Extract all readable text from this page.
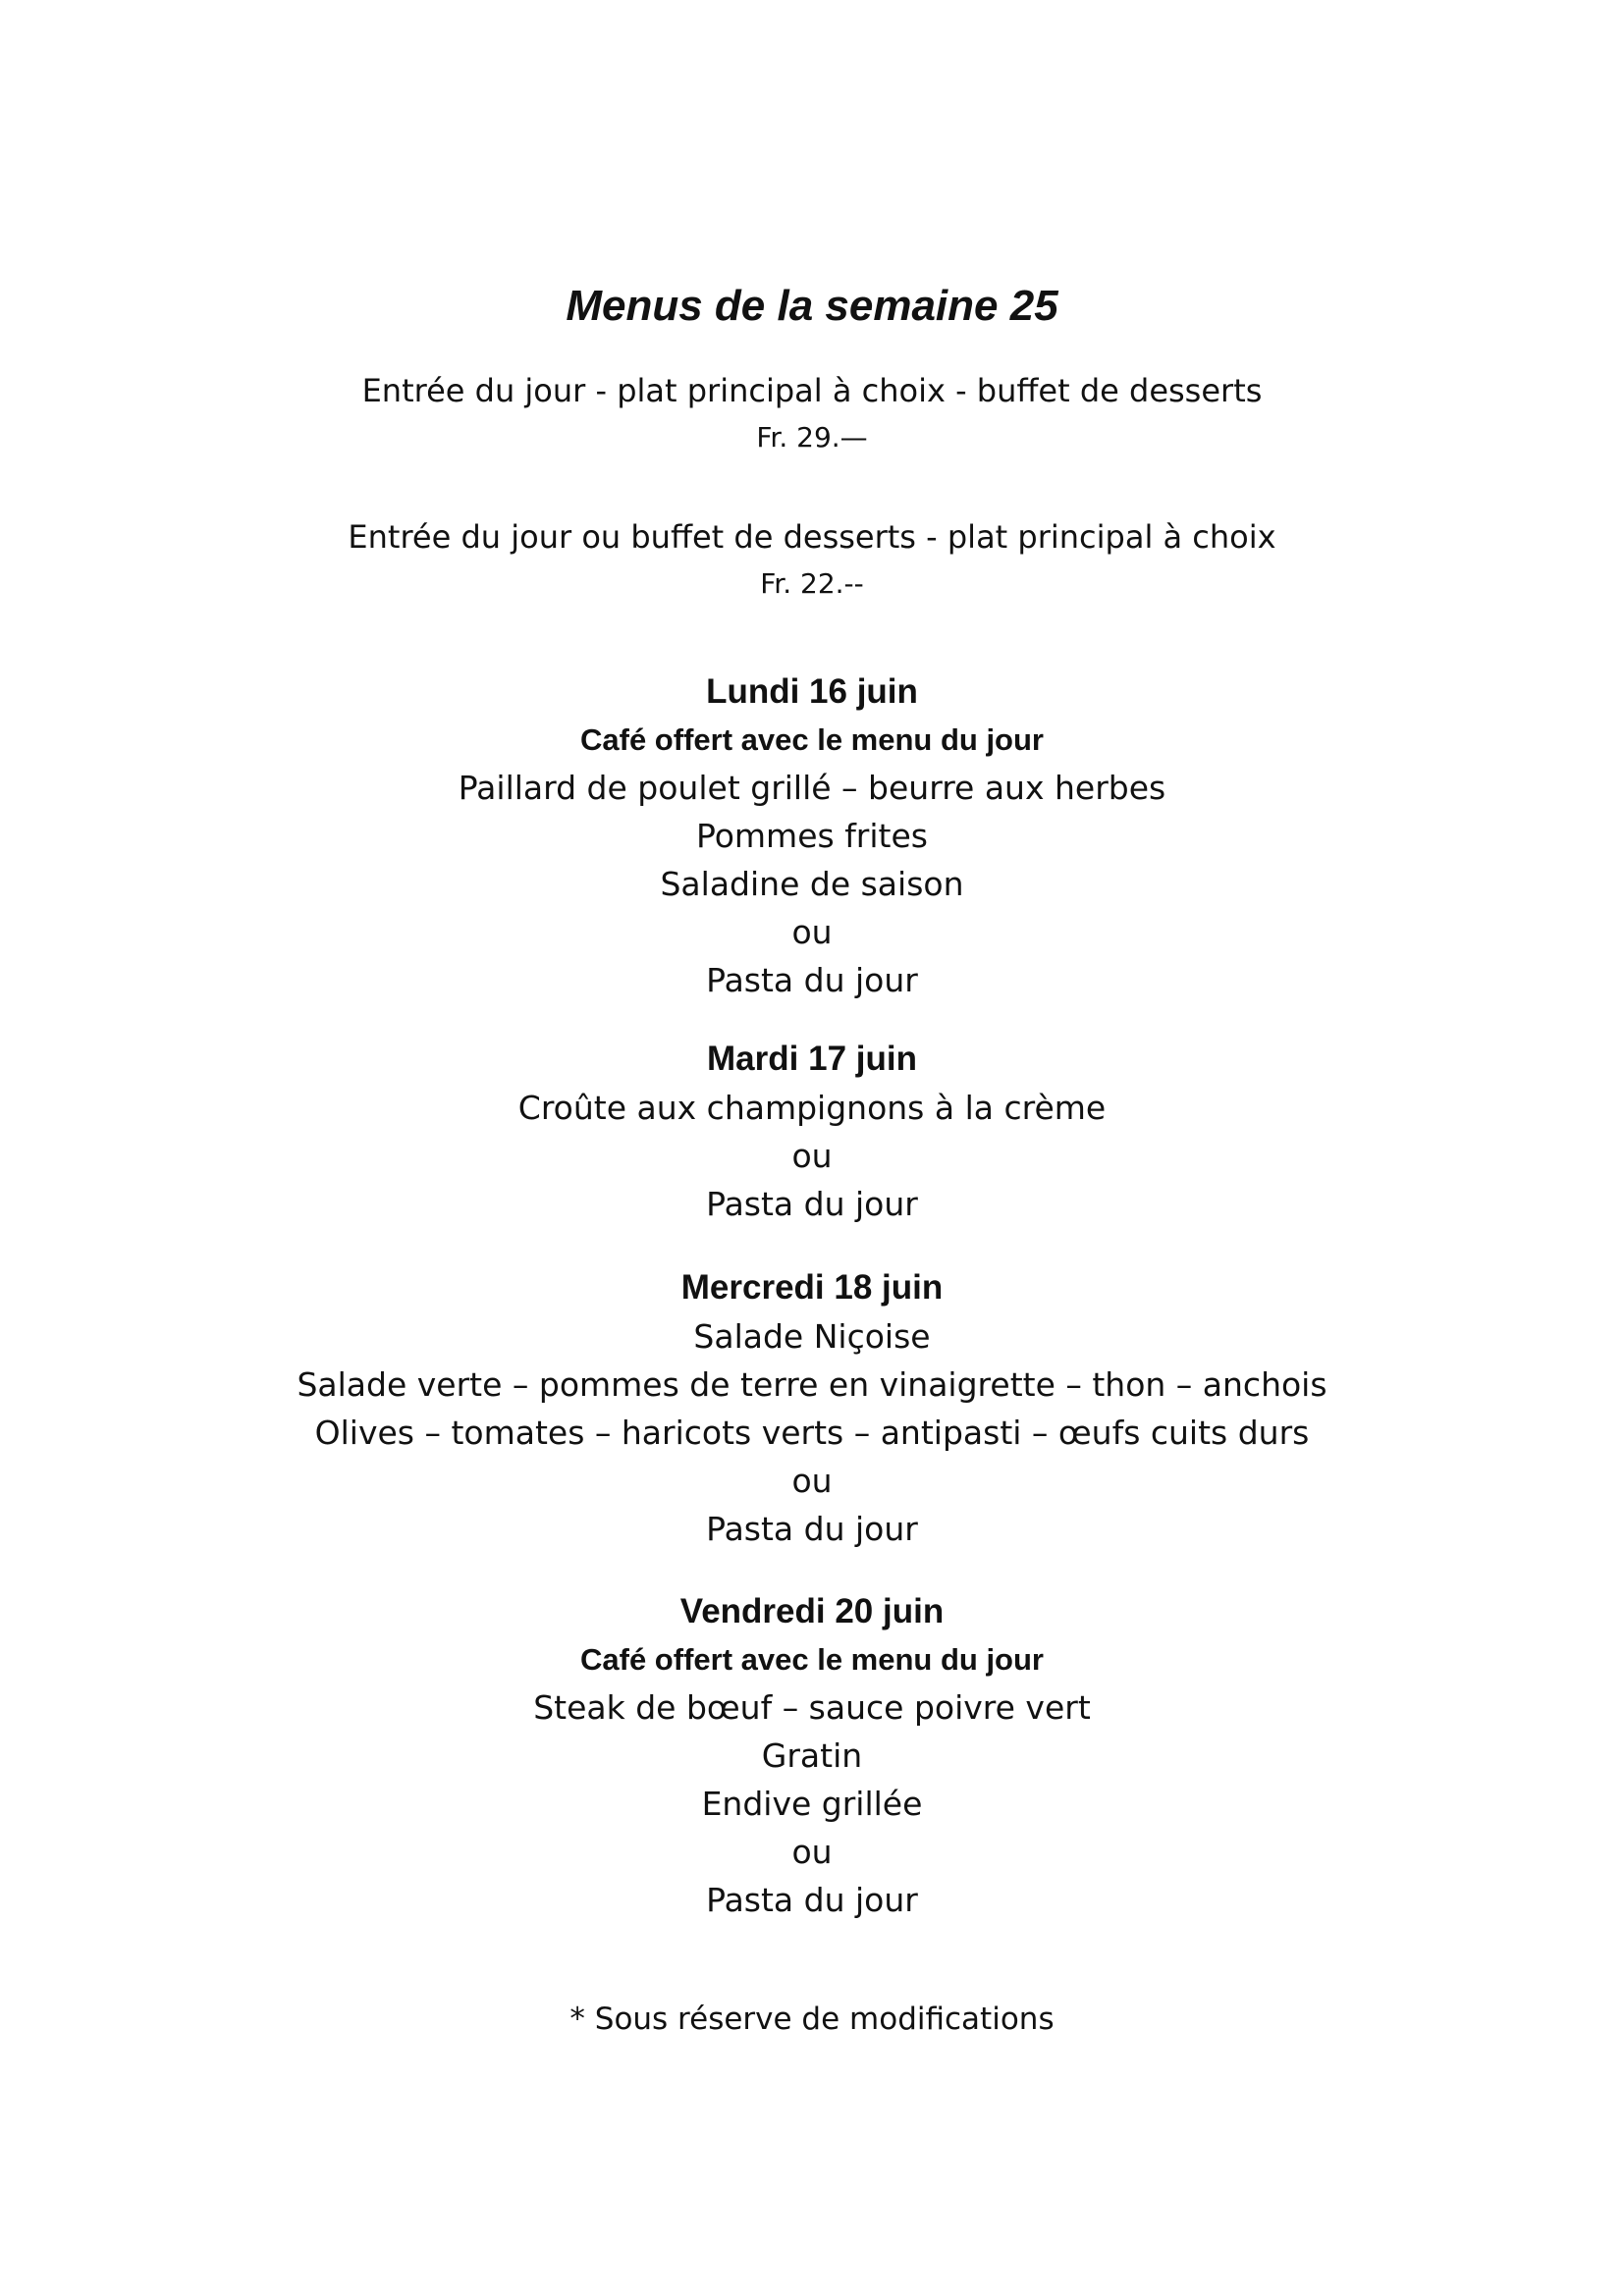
Menus de la semaine 25
Entrée du jour - plat principal à choix - buffet de desserts
Fr. 29.—
Entrée du jour ou buffet de desserts - plat principal à choix
Fr. 22.--
Lundi 16 juin
Café offert avec le menu du jour
Paillard de poulet grillé – beurre aux herbes
Pommes frites
Saladine de saison
ou
Pasta du jour
Mardi 17 juin
Croûte aux champignons à la crème
ou
Pasta du jour
Mercredi 18 juin
Salade Niçoise
Salade verte – pommes de terre en vinaigrette – thon – anchois
Olives – tomates – haricots verts – antipasti – œufs cuits durs
ou
Pasta du jour
Vendredi 20 juin
Café offert avec le menu du jour
Steak de bœuf – sauce poivre vert
Gratin
Endive grillée
ou
Pasta du jour
* Sous réserve de modifications
